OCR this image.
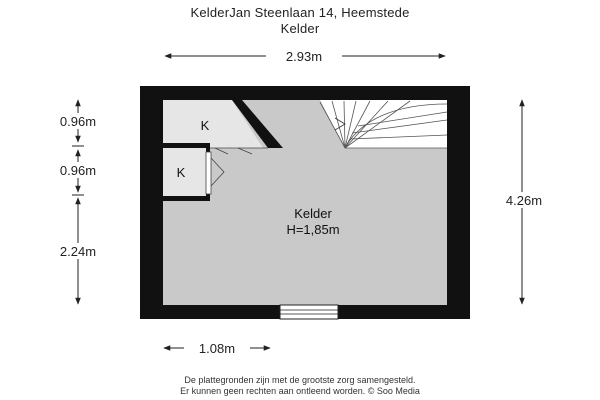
KelderJan Steenlaan 14, Heemstede
Kelder
K
K
Kelder
H=1,85m
2.93m
4.26m
0.96m
0.96m
2.24m
1.08m
De plattegronden zijn met de grootste zorg samengesteld.
Er kunnen geen rechten aan ontleend worden. © Soo Media
